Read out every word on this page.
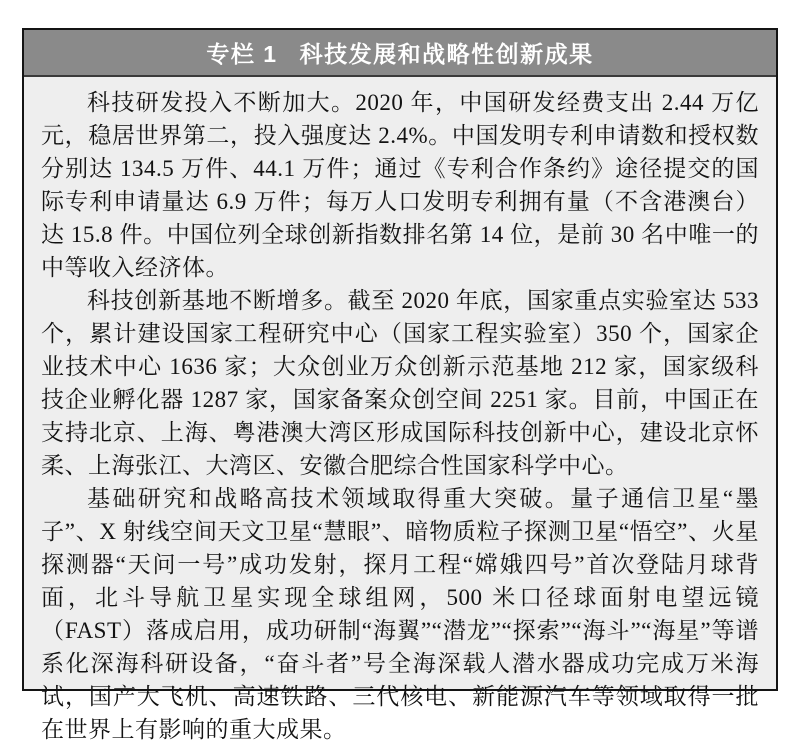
专栏 1 科技发展和战略性创新成果

科技研发投入不断加大。2020 年，中国研发经费支出 2.44 万亿元，稳居世界第二，投入强度达 2.4%。中国发明专利申请数和授权数分别达 134.5 万件、44.1 万件；通过《专利合作条约》途径提交的国际专利申请量达 6.9 万件；每万人口发明专利拥有量（不含港澳台）达 15.8 件。中国位列全球创新指数排名第 14 位，是前 30 名中唯一的中等收入经济体。

科技创新基地不断增多。截至 2020 年底，国家重点实验室达 533 个，累计建设国家工程研究中心（国家工程实验室）350 个，国家企业技术中心 1636 家；大众创业万众创新示范基地 212 家，国家级科技企业孵化器 1287 家，国家备案众创空间 2251 家。目前，中国正在支持北京、上海、粤港澳大湾区形成国际科技创新中心，建设北京怀柔、上海张江、大湾区、安徽合肥综合性国家科学中心。

基础研究和战略高技术领域取得重大突破。量子通信卫星“墨子”、X 射线空间天文卫星“慧眼”、暗物质粒子探测卫星“悟空”、火星探测器“天问一号”成功发射，探月工程“嫦娥四号”首次登陆月球背面，北斗导航卫星实现全球组网，500 米口径球面射电望远镜（FAST）落成启用，成功研制“海翼”“潜龙”“探索”“海斗”“海星”等谱系化深海科研设备，“奋斗者”号全海深载人潜水器成功完成万米海试，国产大飞机、高速铁路、三代核电、新能源汽车等领域取得一批在世界上有影响的重大成果。
